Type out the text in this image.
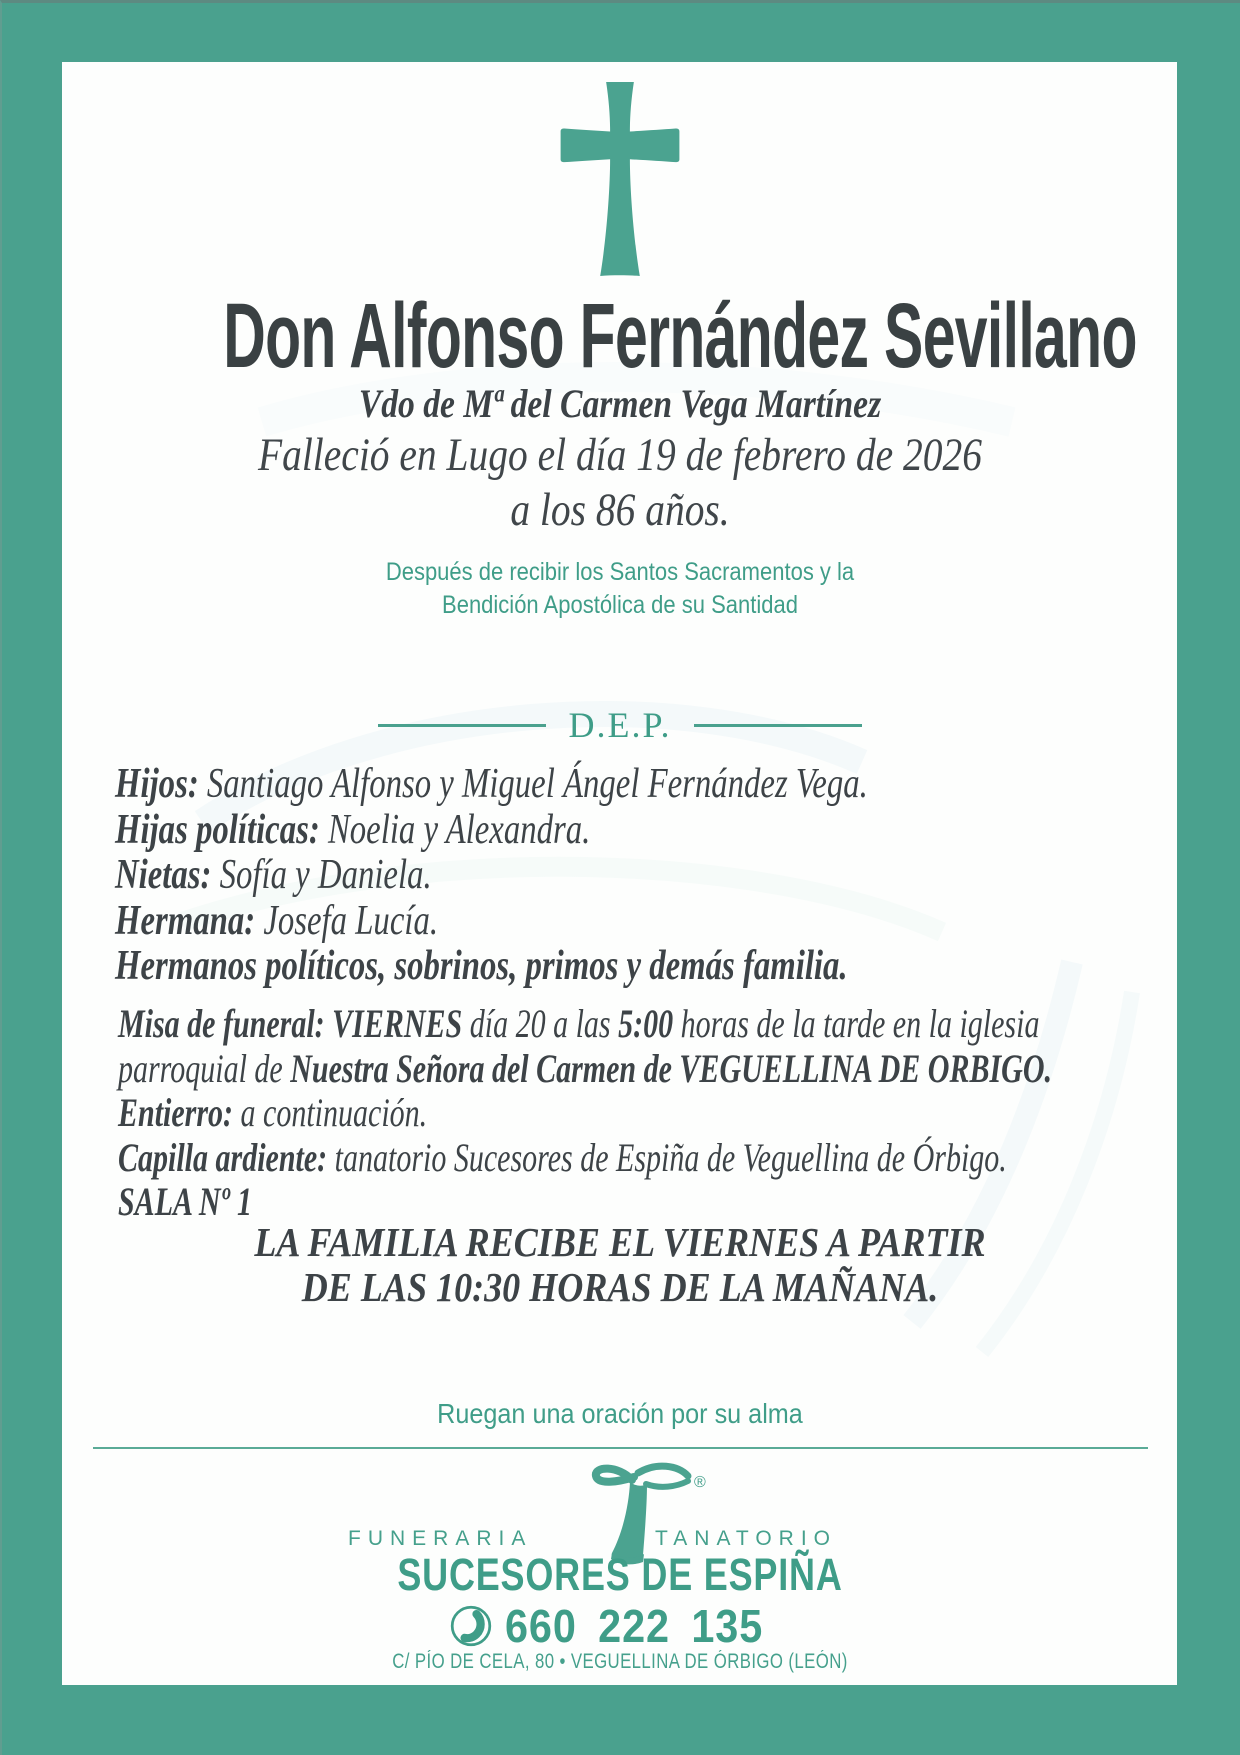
Don Alfonso Fernández Sevillano
Vdo de Mª del Carmen Vega Martínez
Falleció en Lugo el día 19 de febrero de 2026
a los 86 años.
Después de recibir los Santos Sacramentos y la
Bendición Apostólica de su Santidad
D.E.P.
Hijos: Santiago Alfonso y Miguel Ángel Fernández Vega.
Hijas políticas: Noelia y Alexandra.
Nietas: Sofía y Daniela.
Hermana: Josefa Lucía.
Hermanos políticos, sobrinos, primos y demás familia.
Misa de funeral: VIERNES día 20 a las 5:00 horas de la tarde en la iglesia
parroquial de Nuestra Señora del Carmen de VEGUELLINA DE ORBIGO.
Entierro: a continuación.
Capilla ardiente: tanatorio Sucesores de Espiña de Veguellina de Órbigo.
SALA Nº 1
LA FAMILIA RECIBE EL VIERNES A PARTIR
DE LAS 10:30 HORAS DE LA MAÑANA.
Ruegan una oración por su alma
FUNERARIA	TANATORIO
®
SUCESORES DE ESPIÑA
660 222 135
C/ PÍO DE CELA, 80 • VEGUELLINA DE ÓRBIGO (LEÓN)
